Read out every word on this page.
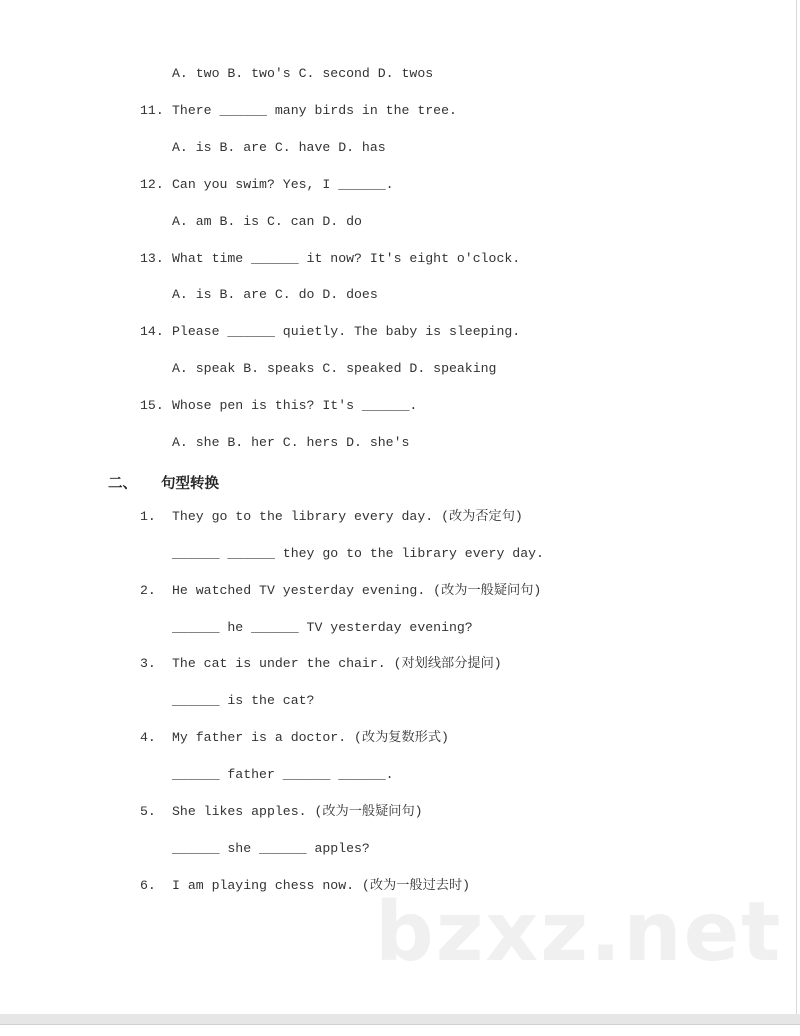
A. two B. two's C. second D. twos
11. There ______ many birds in the tree.
A. is B. are C. have D. has
12. Can you swim? Yes, I ______.
A. am B. is C. can D. do
13. What time ______ it now? It's eight o'clock.
A. is B. are C. do D. does
14. Please ______ quietly. The baby is sleeping.
A. speak B. speaks C. speaked D. speaking
15. Whose pen is this? It's ______.
A. she B. her C. hers D. she's
二、 句型转换
1. They go to the library every day. (改为否定句)
______ ______ they go to the library every day.
2. He watched TV yesterday evening. (改为一般疑问句)
______ he ______ TV yesterday evening?
3. The cat is under the chair. (对划线部分提问)
______ is the cat?
4. My father is a doctor. (改为复数形式)
______ father ______ ______.
5. She likes apples. (改为一般疑问句)
______ she ______ apples?
6. I am playing chess now. (改为一般过去时)
bzxz.net
